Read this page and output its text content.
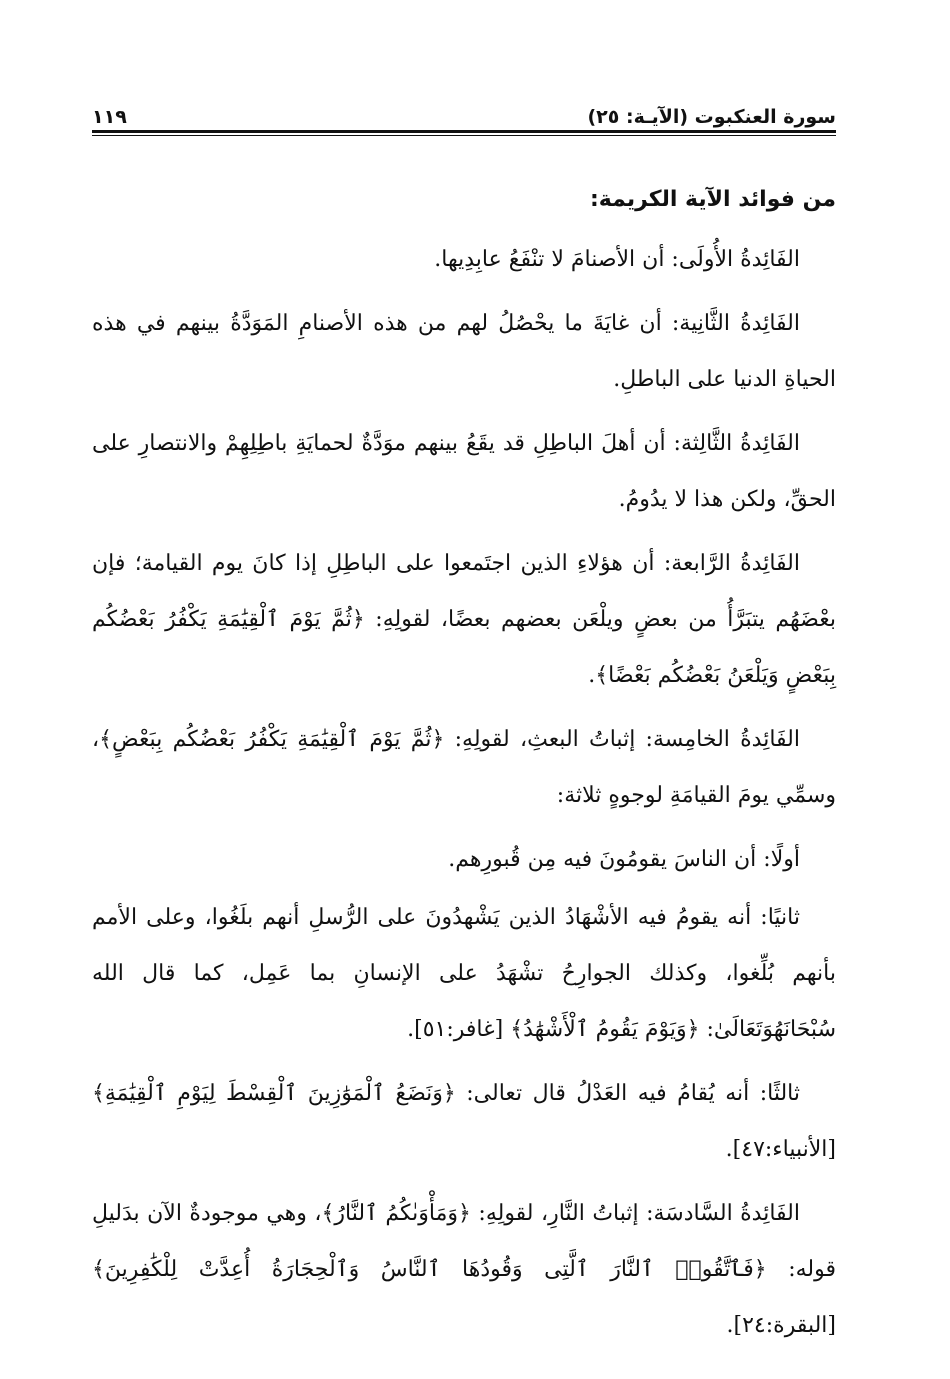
سورة العنكبوت (الآيـة: ٢٥)
١١٩
من فوائد الآية الكريمة:

الفَائِدةُ الأُولَى: أن الأصنامَ لا تنْفَعُ عابِدِيها.

الفَائِدةُ الثَّانِية: أن غايَةَ ما يحْصُلُ لهم من هذه الأصنامِ المَوَدَّةُ بينهم في هذه الحياةِ الدنيا على الباطلِ.

الفَائِدةُ الثَّالِثة: أن أهلَ الباطِلِ قد يقَعُ بينهم موَدَّةٌ لحمايَةِ باطِلِهِمْ والانتصارِ على الحقِّ، ولكن هذا لا يدُومُ.

الفَائِدةُ الرَّابعة: أن هؤلاءِ الذين اجتَمعوا على الباطِلِ إذا كانَ يوم القيامة؛ فإن بعْضَهُم يتبَرَّأُ من بعضٍ ويلْعَن بعضهم بعضًا، لقولِهِ: ﴿ثُمَّ يَوْمَ ٱلْقِيَٰمَةِ يَكْفُرُ بَعْضُكُم بِبَعْضٍ وَيَلْعَنُ بَعْضُكُم بَعْضًا﴾.

الفَائِدةُ الخامِسة: إثباتُ البعثِ، لقولِهِ: ﴿ثُمَّ يَوْمَ ٱلْقِيَٰمَةِ يَكْفُرُ بَعْضُكُم بِبَعْضٍ﴾، وسمِّي يومَ القيامَةِ لوجوهٍ ثلاثة:

أولًا: أن الناسَ يقومُونَ فيه مِن قُبورِهم.

ثانيًا: أنه يقومُ فيه الأشْهَادُ الذين يَشْهدُونَ على الرُّسلِ أنهم بلَغُوا، وعلى الأمم بأنهم بُلِّغوا، وكذلك الجوارِحُ تشْهَدُ على الإنسانِ بما عَمِل، كما قال الله سُبْحَانَهُوَتَعَالَىٰ: ﴿وَيَوْمَ يَقُومُ ٱلْأَشْهَٰدُ﴾ [غافر:٥١].

ثالثًا: أنه يُقامُ فيه العَدْلُ قال تعالى: ﴿وَنَضَعُ ٱلْمَوَٰزِينَ ٱلْقِسْطَ لِيَوْمِ ٱلْقِيَٰمَةِ﴾ [الأنبياء:٤٧].

الفَائِدةُ السَّادسَة: إثباتُ النَّارِ، لقولِهِ: ﴿وَمَأْوَىٰكُمُ ٱلنَّارُ﴾، وهي موجودةٌ الآن بدَليلِ قوله: ﴿فَٱتَّقُوا۟ ٱلنَّارَ ٱلَّتِى وَقُودُهَا ٱلنَّاسُ وَٱلْحِجَارَةُ أُعِدَّتْ لِلْكَٰفِرِينَ﴾ [البقرة:٢٤].
